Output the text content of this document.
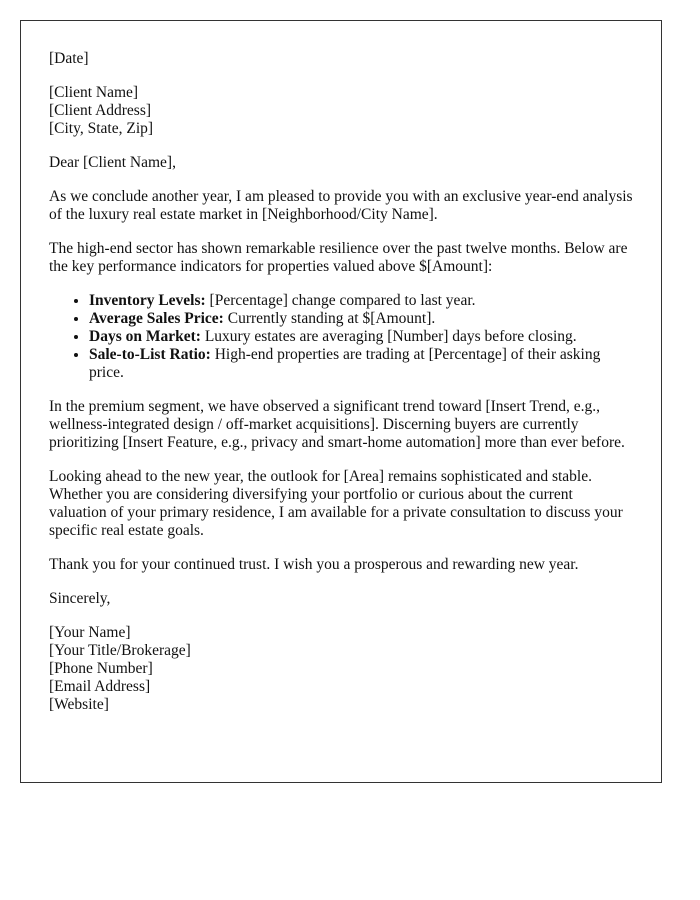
[Date]

[Client Name]
[Client Address]
[City, State, Zip]

Dear [Client Name],

As we conclude another year, I am pleased to provide you with an exclusive year-end analysis of the luxury real estate market in [Neighborhood/City Name].

The high-end sector has shown remarkable resilience over the past twelve months. Below are the key performance indicators for properties valued above $[Amount]:

• Inventory Levels: [Percentage] change compared to last year.
• Average Sales Price: Currently standing at $[Amount].
• Days on Market: Luxury estates are averaging [Number] days before closing.
• Sale-to-List Ratio: High-end properties are trading at [Percentage] of their asking price.

In the premium segment, we have observed a significant trend toward [Insert Trend, e.g., wellness-integrated design / off-market acquisitions]. Discerning buyers are currently prioritizing [Insert Feature, e.g., privacy and smart-home automation] more than ever before.

Looking ahead to the new year, the outlook for [Area] remains sophisticated and stable. Whether you are considering diversifying your portfolio or curious about the current valuation of your primary residence, I am available for a private consultation to discuss your specific real estate goals.

Thank you for your continued trust. I wish you a prosperous and rewarding new year.

Sincerely,

[Your Name]
[Your Title/Brokerage]
[Phone Number]
[Email Address]
[Website]
